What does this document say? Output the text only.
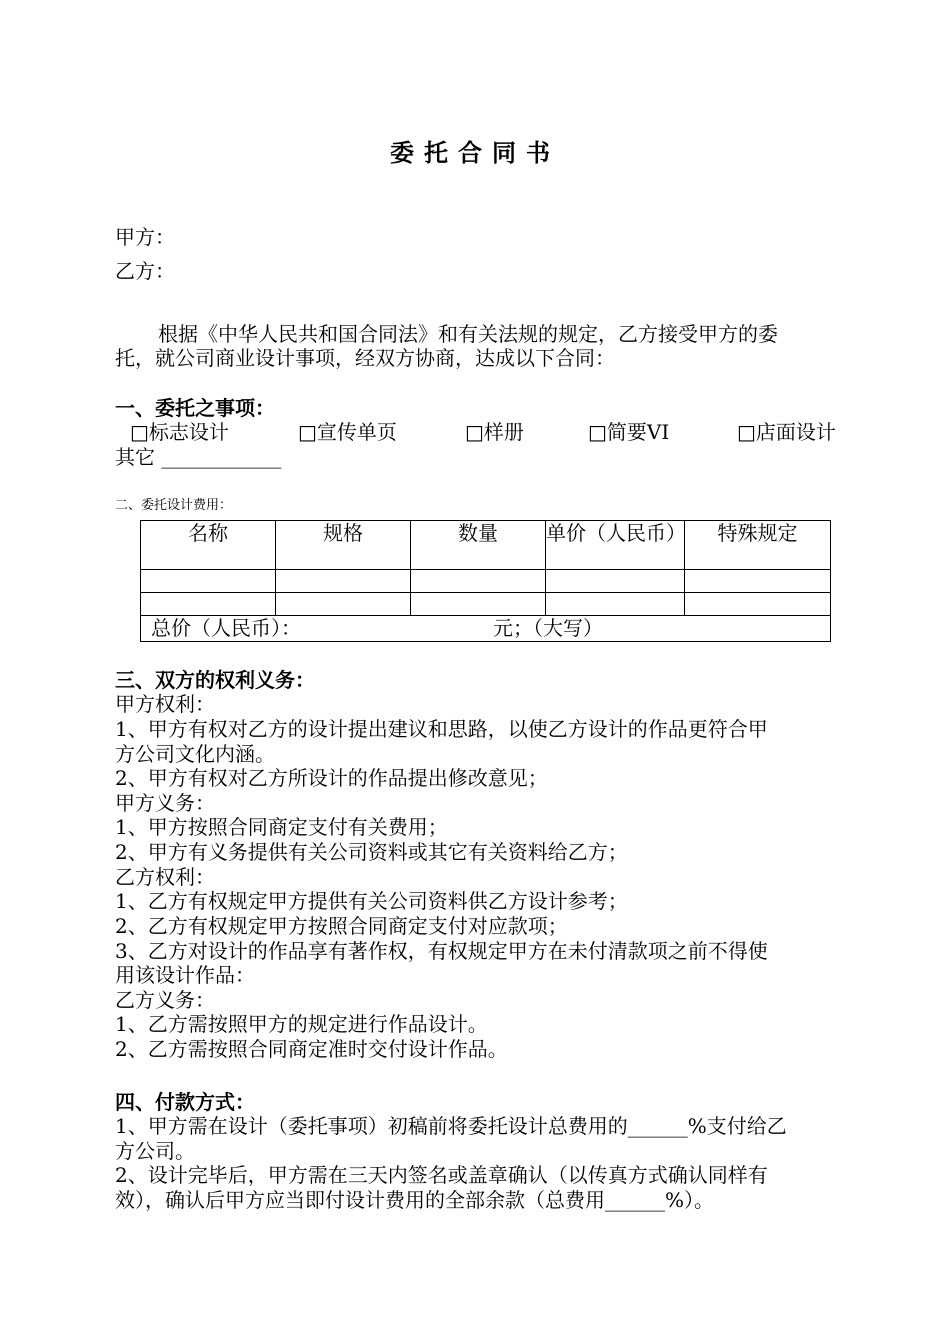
委托合同书
甲方：
乙方：
根据《中华人民共和国合同法》和有关法规的规定，乙方接受甲方的委
托，就公司商业设计事项，经双方协商，达成以下合同：
一、委托之事项：
□标志设计	□宣传单页	□样册	□简要VI	□店面设计
其它 ____________
二、委托设计费用：
名称	规格	数量	单价（人民币）	特殊规定

总价（人民币）： 元；（大写）				
三、双方的权利义务：
甲方权利：
1、甲方有权对乙方的设计提出建议和思路，以使乙方设计的作品更符合甲
方公司文化内涵。
2、甲方有权对乙方所设计的作品提出修改意见；
甲方义务：
1、甲方按照合同商定支付有关费用；
2、甲方有义务提供有关公司资料或其它有关资料给乙方；
乙方权利：
1、乙方有权规定甲方提供有关公司资料供乙方设计参考；
2、乙方有权规定甲方按照合同商定支付对应款项；
3、乙方对设计的作品享有著作权，有权规定甲方在未付清款项之前不得使
用该设计作品：
乙方义务：
1、乙方需按照甲方的规定进行作品设计。
2、乙方需按照合同商定准时交付设计作品。
四、付款方式：
1、甲方需在设计（委托事项）初稿前将委托设计总费用的______%支付给乙
方公司。
2、设计完毕后，甲方需在三天内签名或盖章确认（以传真方式确认同样有
效），确认后甲方应当即付设计费用的全部余款（总费用______%）。
